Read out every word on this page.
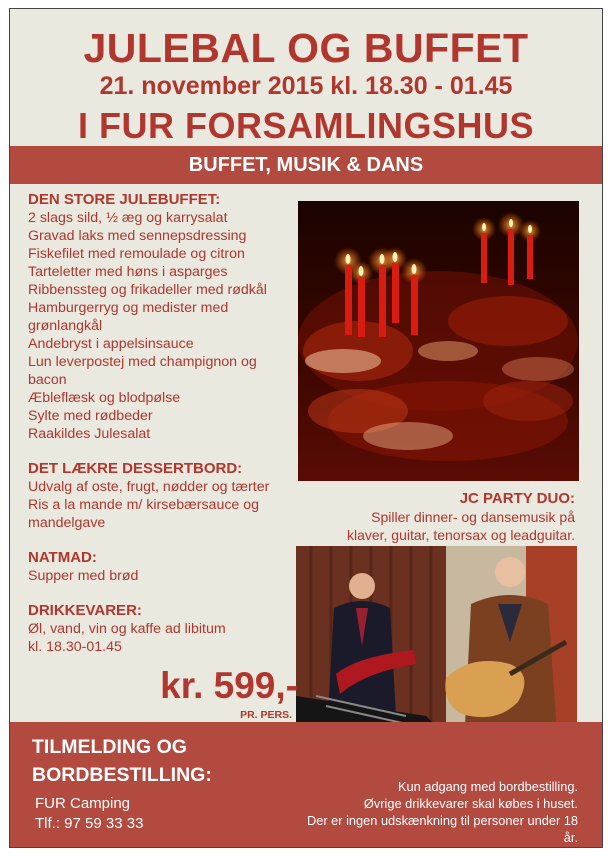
JULEBAL OG BUFFET
21. november 2015 kl. 18.30 - 01.45
I FUR FORSAMLINGSHUS
BUFFET, MUSIK & DANS

DEN STORE JULEBUFFET:

2 slags sild, ½ æg og karrysalat

Gravad laks med sennepsdressing

Fiskefilet med remoulade og citron

Tarteletter med høns i asparges

Ribbenssteg og frikadeller med rødkål

Hamburgerryg og medister med

grønlangkål

Andebryst i appelsinsauce

Lun leverpostej med champignon og

bacon

Æbleflæsk og blodpølse

Sylte med rødbeder

Raakildes Julesalat

DET LÆKRE DESSERTBORD:

Udvalg af oste, frugt, nødder og tærter

Ris a la mande m/ kirsebærsauce og

mandelgave

NATMAD:

Supper med brød

DRIKKEVARER:

Øl, vand, vin og kaffe ad libitum

kl. 18.30-01.45

JC PARTY DUO:
Spiller dinner- og dansemusik på
klaver, guitar, tenorsax og leadguitar.
kr. 599,-
PR. PERS.
TILMELDING OG
BORDBESTILLING:
FUR Camping
Tlf.: 97 59 33 33
Kun adgang med bordbestilling.
Øvrige drikkevarer skal købes i huset.
Der er ingen udskænkning til personer under 18 år.
